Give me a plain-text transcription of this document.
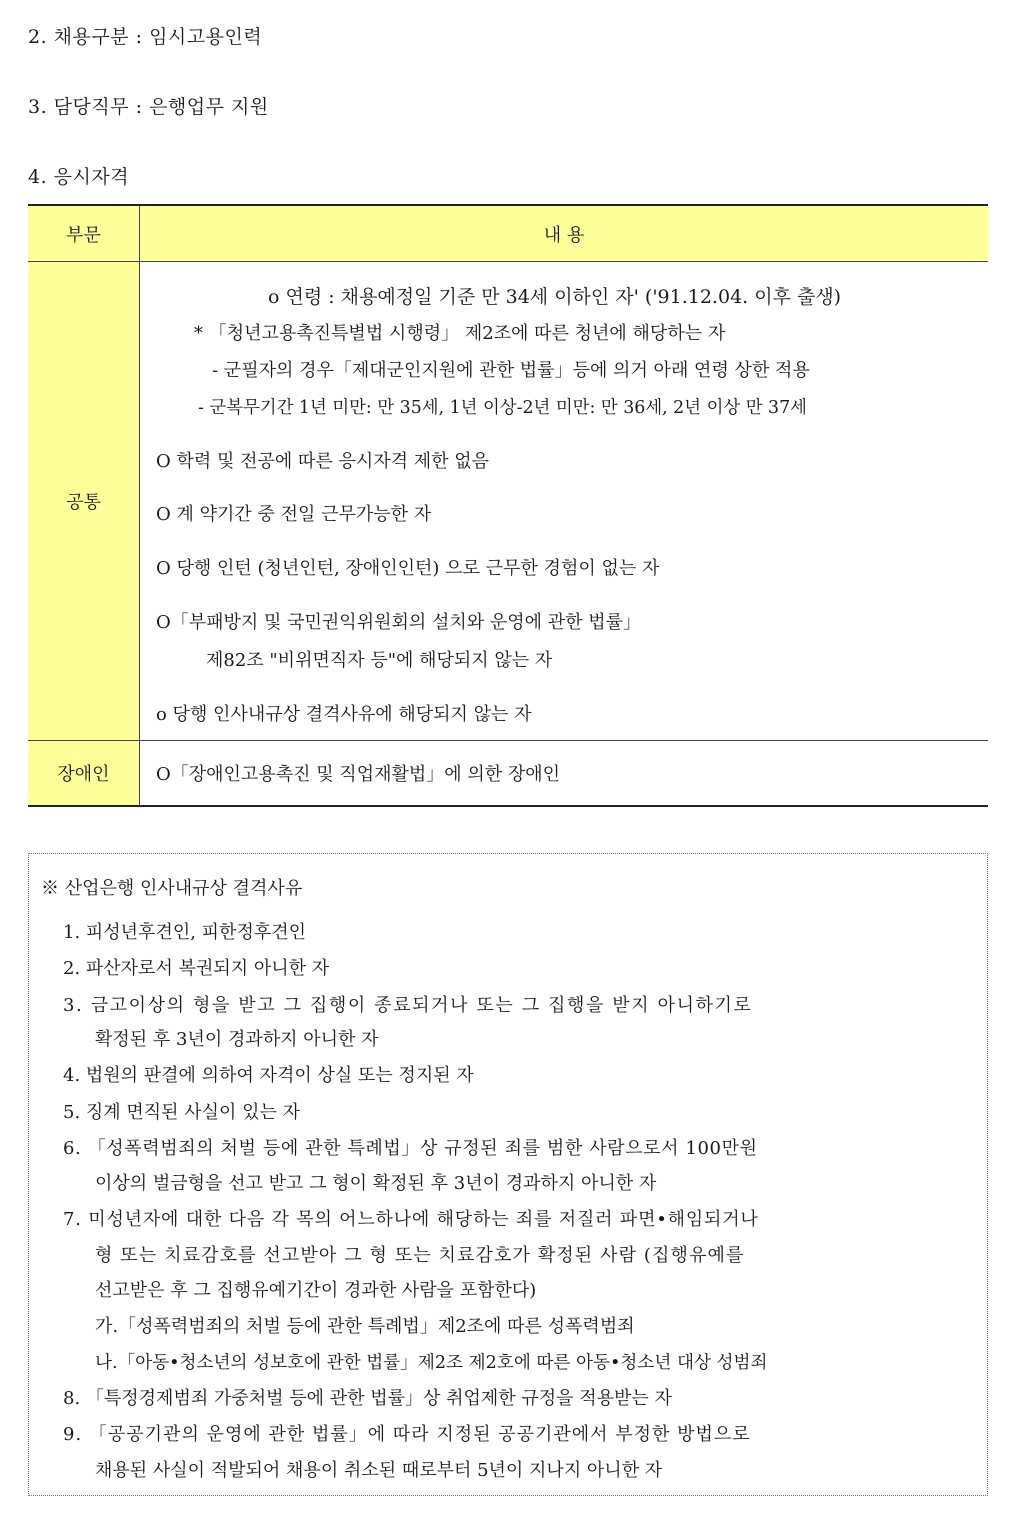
2. 채용구분 : 임시고용인력
3. 담당직무 : 은행업무 지원
4. 응시자격
부문	내 용
공통
o 연령 : 채용예정일 기준 만 34세 이하인 자' ('91.12.04. 이후 출생)
* 「청년고용촉진특별법 시행령」 제2조에 따른 청년에 해당하는 자
- 군필자의 경우「제대군인지원에 관한 법률」등에 의거 아래 연령 상한 적용
- 군복무기간 1년 미만: 만 35세, 1년 이상-2년 미만: 만 36세, 2년 이상 만 37세
O 학력 및 전공에 따른 응시자격 제한 없음
O 계 약기간 중 전일 근무가능한 자
O 당행 인턴 (청년인턴, 장애인인턴) 으로 근무한 경험이 없는 자
O「부패방지 및 국민권익위원회의 설치와 운영에 관한 법률」
제82조 "비위면직자 등"에 해당되지 않는 자
o 당행 인사내규상 결격사유에 해당되지 않는 자
장애인	O「장애인고용촉진 및 직업재활법」에 의한 장애인
※ 산업은행 인사내규상 결격사유
1. 피성년후견인, 피한정후견인
2. 파산자로서 복권되지 아니한 자
3. 금고이상의 형을 받고 그 집행이 종료되거나 또는 그 집행을 받지 아니하기로
확정된 후 3년이 경과하지 아니한 자
4. 법원의 판결에 의하여 자격이 상실 또는 정지된 자
5. 징계 면직된 사실이 있는 자
6. 「성폭력범죄의 처벌 등에 관한 특례법」상 규정된 죄를 범한 사람으로서 100만원
이상의 벌금형을 선고 받고 그 형이 확정된 후 3년이 경과하지 아니한 자
7. 미성년자에 대한 다음 각 목의 어느하나에 해당하는 죄를 저질러 파면•해임되거나
형 또는 치료감호를 선고받아 그 형 또는 치료감호가 확정된 사람 (집행유예를
선고받은 후 그 집행유예기간이 경과한 사람을 포함한다)
가.「성폭력범죄의 처벌 등에 관한 특례법」제2조에 따른 성폭력범죄
나.「아동•청소년의 성보호에 관한 법률」제2조 제2호에 따른 아동•청소년 대상 성범죄
8. 「특정경제범죄 가중처벌 등에 관한 법률」상 취업제한 규정을 적용받는 자
9. 「공공기관의 운영에 관한 법률」에 따라 지정된 공공기관에서 부정한 방법으로
채용된 사실이 적발되어 채용이 취소된 때로부터 5년이 지나지 아니한 자
